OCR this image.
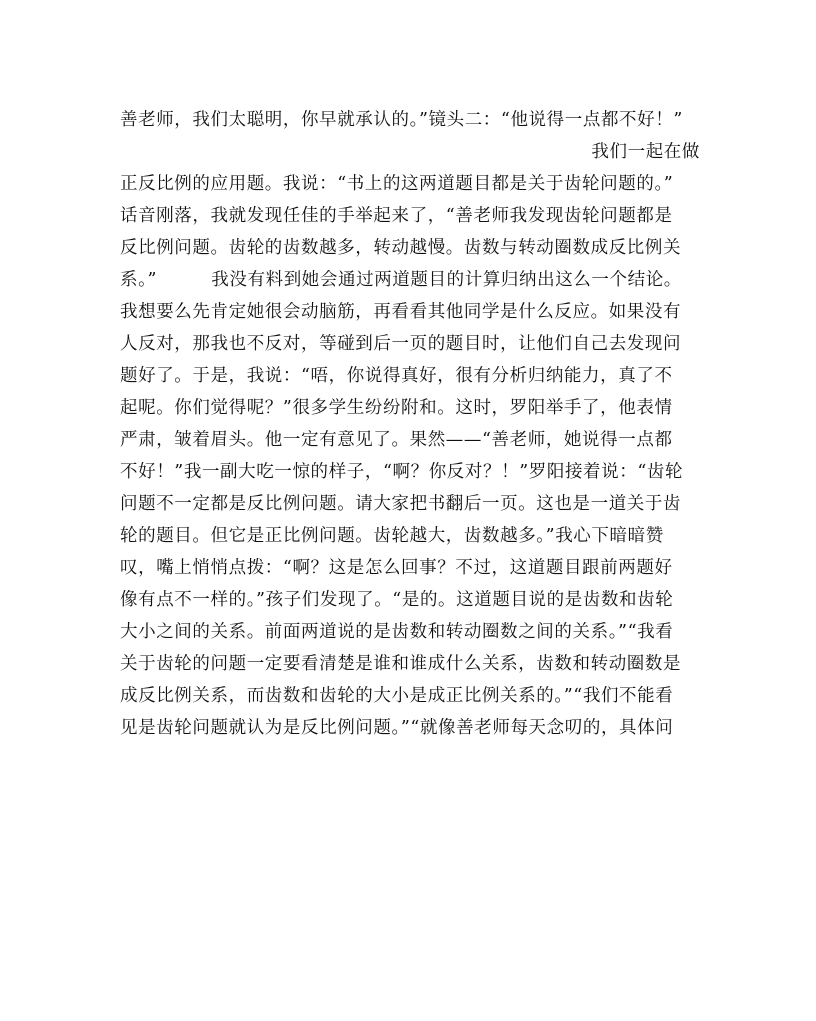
善老师，我们太聪明，你早就承认的。”镜头二：“他说得一点都不好！”
我们一起在做
正反比例的应用题。我说：“书上的这两道题目都是关于齿轮问题的。”
话音刚落，我就发现任佳的手举起来了，“善老师我发现齿轮问题都是
反比例问题。齿轮的齿数越多，转动越慢。齿数与转动圈数成反比例关
系。”　　　我没有料到她会通过两道题目的计算归纳出这么一个结论。
我想要么先肯定她很会动脑筋，再看看其他同学是什么反应。如果没有
人反对，那我也不反对，等碰到后一页的题目时，让他们自己去发现问
题好了。于是，我说：“唔，你说得真好，很有分析归纳能力，真了不
起呢。你们觉得呢？”很多学生纷纷附和。这时，罗阳举手了，他表情
严肃，皱着眉头。他一定有意见了。果然——“善老师，她说得一点都
不好！”我一副大吃一惊的样子，“啊？你反对？！”罗阳接着说：“齿轮
问题不一定都是反比例问题。请大家把书翻后一页。这也是一道关于齿
轮的题目。但它是正比例问题。齿轮越大，齿数越多。”我心下暗暗赞
叹，嘴上悄悄点拨：“啊？这是怎么回事？不过，这道题目跟前两题好
像有点不一样的。”孩子们发现了。“是的。这道题目说的是齿数和齿轮
大小之间的关系。前面两道说的是齿数和转动圈数之间的关系。”“我看
关于齿轮的问题一定要看清楚是谁和谁成什么关系，齿数和转动圈数是
成反比例关系，而齿数和齿轮的大小是成正比例关系的。”“我们不能看
见是齿轮问题就认为是反比例问题。”“就像善老师每天念叨的，具体问
